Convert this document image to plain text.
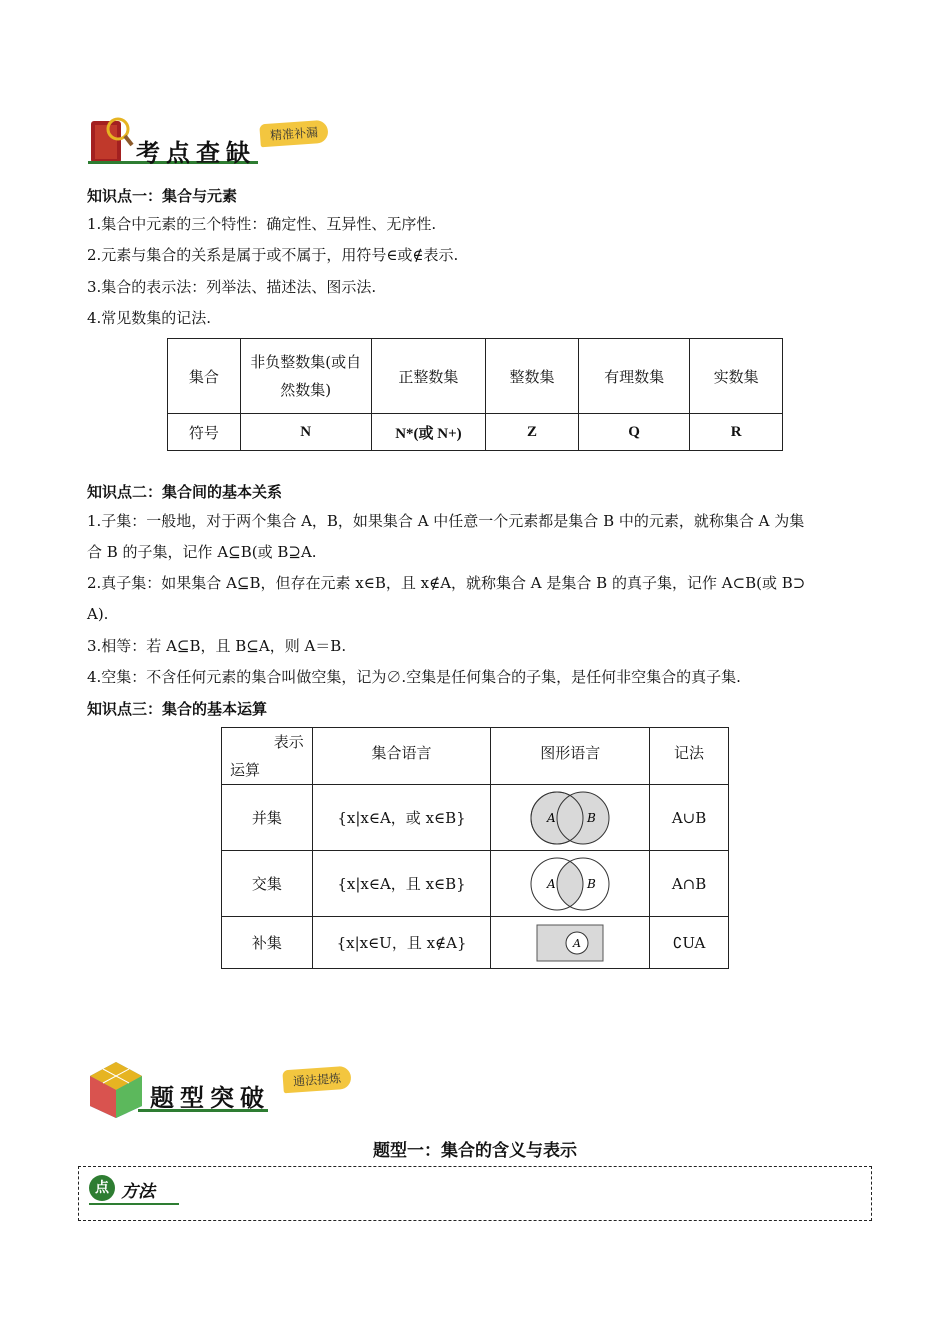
考点查缺
精准补漏
知识点一：集合与元素
1.集合中元素的三个特性：确定性、互异性、无序性.
2.元素与集合的关系是属于或不属于，用符号∈或∉表示.
3.集合的表示法：列举法、描述法、图示法.
4.常见数集的记法.
集合	非负整数集(或自然数集)	正整数集	整数集	有理数集	实数集
符号	N	N*(或 N+)	Z	Q	R
知识点二：集合间的基本关系
1.子集：一般地，对于两个集合 A，B，如果集合 A 中任意一个元素都是集合 B 中的元素，就称集合 A 为集
合 B 的子集，记作 A⊆B(或 B⊇A.
2.真子集：如果集合 A⊆B，但存在元素 x∈B，且 x∉A，就称集合 A 是集合 B 的真子集，记作 A⊂B(或 B⊃
A).
3.相等：若 A⊆B，且 B⊆A，则 A＝B.
4.空集：不含任何元素的集合叫做空集，记为∅.空集是任何集合的子集，是任何非空集合的真子集.
知识点三：集合的基本运算
表示
运算	集合语言	图形语言	记法
并集	{x|x∈A，或 x∈B}	A B	A∪B
交集	{x|x∈A，且 x∈B}	A B	A∩B
补集	{x|x∈U，且 x∉A}	A	∁UA
题型突破
通法提炼
题型一：集合的含义与表示
点 方法
